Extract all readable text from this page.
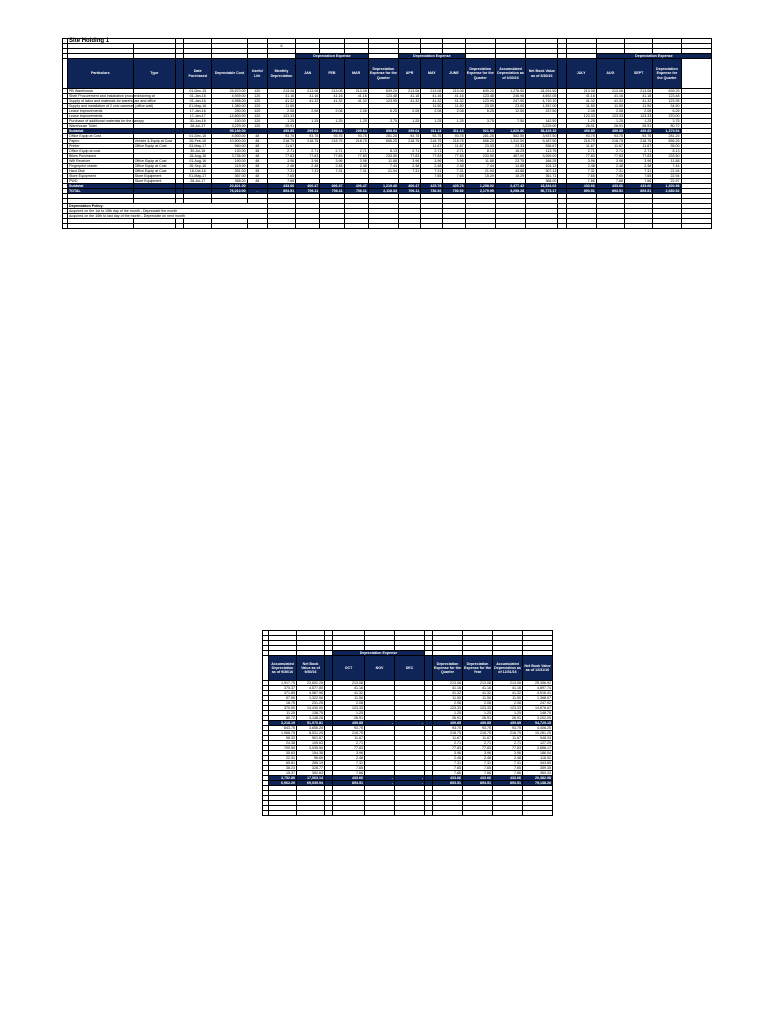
	Site Holding 1																						
							6																

								Depreciation Expense				Depreciation Expense								Depreciation Expense			
	Particulars	Type		Date Purchased	Depreciable Cost	Useful Life	Monthly Depreciation	JAN	FEB	MAR	Depreciation Expense for the Quarter	APR	MAY	JUNE	Depreciation Expense for the Quarter	Accumulated Depreciation as of 6/30/16	Net Book Value as of 6/30/16		JULY	AUG	SEPT	Depreciation Expense for the Quarter	
	PB Warehouse			01-Dec-15	25,570.00	120	213.08	213.08	213.08	213.08	639.25	213.08	213.08	213.08	639.25	1,278.50	24,291.50		213.08	213.08	213.08	639.25	
	Shelf Procurement and installation procured/storing at			01-Jan-16	4,939.00	120	41.16	41.16	41.16	41.16	123.48	41.16	41.16	41.16	123.48	246.96	4,692.05		41.16	41.16	41.16	123.48	
	Supply of labor and materials for warehouse and office			01-Jan-16	4,958.00	120	41.32	41.32	41.32	41.32	123.95	41.32	41.32	41.32	123.95	247.90	4,710.10		41.32	41.32	41.32	123.95	
	Supply and installation of 2 cctv cameras (office wall)			01-May-16	1,380.00	120	11.50						11.50	11.50	23.00	23.00	1,357.00		11.50	11.50	11.50	34.50	
	Lease improvements			17-Jan-16	250.00	120	2.08	2.08	2.08	2.08	6.25	2.08	2.08	2.08	6.25	12.50	237.50		2.08	2.08	2.08	6.25	
	Lease improvements			17-Jan-17	14,800.00	120	123.33												123.33	123.33	123.33	370.00	
	Purchase of additional materials for the canopy			30-Jun-16	150.00	120	1.25	1.25	1.25	1.25	3.75	1.25	1.25	1.25	3.75	7.50	142.50		1.25	1.25	1.25	3.75	
	Warehouse Toilet			28-Jul-17	3,229.00	120	26.91										3,229.00		26.91	26.91	26.91	80.72	
	Subtotal				55,189.00		459.85	299.64	299.64	299.64	898.93	299.64	311.14	311.14	921.93	1,820.86	38,429.15		459.85	459.85	459.85	1,379.54	
	Office Equip at Cost			01-Dec-15	4,500.00	48	93.75	93.75	93.75	93.75	281.25	93.75	93.75	93.75	281.25	562.50	3,937.50		93.75	93.75	93.75	281.25	
	Pajero	Vehicle & Equip at Cost		26-Feb-16	10,500.00	48	218.75	218.75	218.75	218.75	656.25	218.75	218.75	218.75	656.25	1,312.50	9,187.50		218.75	218.75	218.75	656.25	
	Printer	Office Equip at Cost		03-May-17	560.00	48	11.67						11.67	11.67	23.33	23.33	536.67		11.67	11.67	11.67	35.00	
	Office Equip at cost			30-Jul-16	130.00	48	2.71	2.71	2.71	2.71	8.13	2.71	2.71	2.71	8.13	16.25	113.75		2.71	2.71	2.71	8.13	
	Bikes Purchased			15-Aug-16	3,736.00	48	77.83	77.83	77.83	77.83	233.50	77.83	77.83	77.83	233.50	467.00	3,269.00		77.83	77.83	77.83	233.50	
	Wifi Receiver	Office Equip at Cost		01-Aug-16	190.00	48	3.96	3.96	3.96	3.96	11.88	3.96	3.96	3.96	11.88	23.75	166.25		3.96	3.96	3.96	11.88	
	Fingerprint reader	Office Equip at Cost		26-Sep-16	119.00	48	2.48	2.48	2.48	2.48	7.44	2.48	2.48	2.48	7.44	14.88	104.13		2.48	2.48	2.48	7.44	
	Hard Disk	Office Equip at Cost		18-Oct-16	351.00	48	7.31	7.31	7.31	7.31	21.94	7.31	7.31	7.31	21.94	43.88	307.13		7.31	7.31	7.31	21.94	
	Store Equipment	Store Equipment		01-May-17	367.00	48	7.65						7.65	7.65	15.29	15.29	351.71		7.65	7.65	7.65	22.94	
	PWD	Store Equipment		26-Jul-17	368.00	48	7.66										368.00		7.66	7.66	7.66	22.97	
	Subtotal				20,821.00		433.66	406.47	406.47	406.47	1,219.40	406.47	425.78	425.78	1,258.02	2,477.42	18,344.02		433.66	433.66	433.66	1,300.98	
	TOTAL				76,010.00	-	893.51	706.11	706.11	706.11	2,118.33	706.11	736.92	736.92	2,179.95	4,298.28	56,773.17		893.51	893.51	893.51	2,680.52	

	Depreciation Policy:																						
	Acquired on the 1st to 15th day of the month - Depreciate the month																						
	Acquired on the 16th to last day of the month - Depreciate on next month																						

				Depreciation Expense							
	Accumulated Depreciation as of 9/30/16	Net Book Value as of 9/30/16		OCT	NOV	DEC		Depreciation Expense for the Quarter	Depreciation Expense for the Year	Accumulated Depreciation as of 12/31/16	Net Book Value as of 12/31/16
	1,917.75	23,652.25		213.08				213.08	213.08	213.08	25,356.92
	370.37	4,577.80		41.16				41.16	41.16	41.16	4,897.74
	371.85	4,587.96		41.32				41.32	41.32	41.32	4,916.41
	57.50	1,322.50		11.50				11.50	11.50	11.50	1,368.57
	18.75	231.25		2.08				2.08	2.08	2.08	247.92
	370.00	14,430.00		123.33				123.33	123.33	123.33	14,676.67
	11.25	138.75		1.25				1.25	1.25	1.25	148.75
	80.72	3,148.28		26.91				26.91	26.91	26.91	3,202.09
	3,218.19	51,970.81		459.85	-	-		459.85	459.85	459.85	54,729.15
	843.75	3,656.25		93.75				93.75	93.75	93.75	4,406.25
	1,968.75	8,531.25		218.75				218.75	218.75	218.75	10,281.25
	58.33	501.67		11.67				11.67	11.67	11.67	548.33
	24.38	105.63		2.71				2.71	2.71	2.71	127.29
	700.50	3,035.50		77.83				77.83	77.83	77.83	3,658.17
	35.63	154.38		3.96				3.96	3.96	3.96	186.04
	22.31	96.69		2.48				2.48	2.48	2.48	116.52
	65.81	285.19		7.31				7.31	7.31	7.31	343.69
	38.23	328.77		7.65				7.65	7.65	7.65	359.35
	15.37	352.63		7.66				7.66	7.66	7.66	360.33
	3,752.80	17,063.14		433.66	-	-		433.66	433.66	433.66	20,382.98
	6,962.20	69,039.94		893.51	-	-		893.51	893.51	893.51	75,138.26
